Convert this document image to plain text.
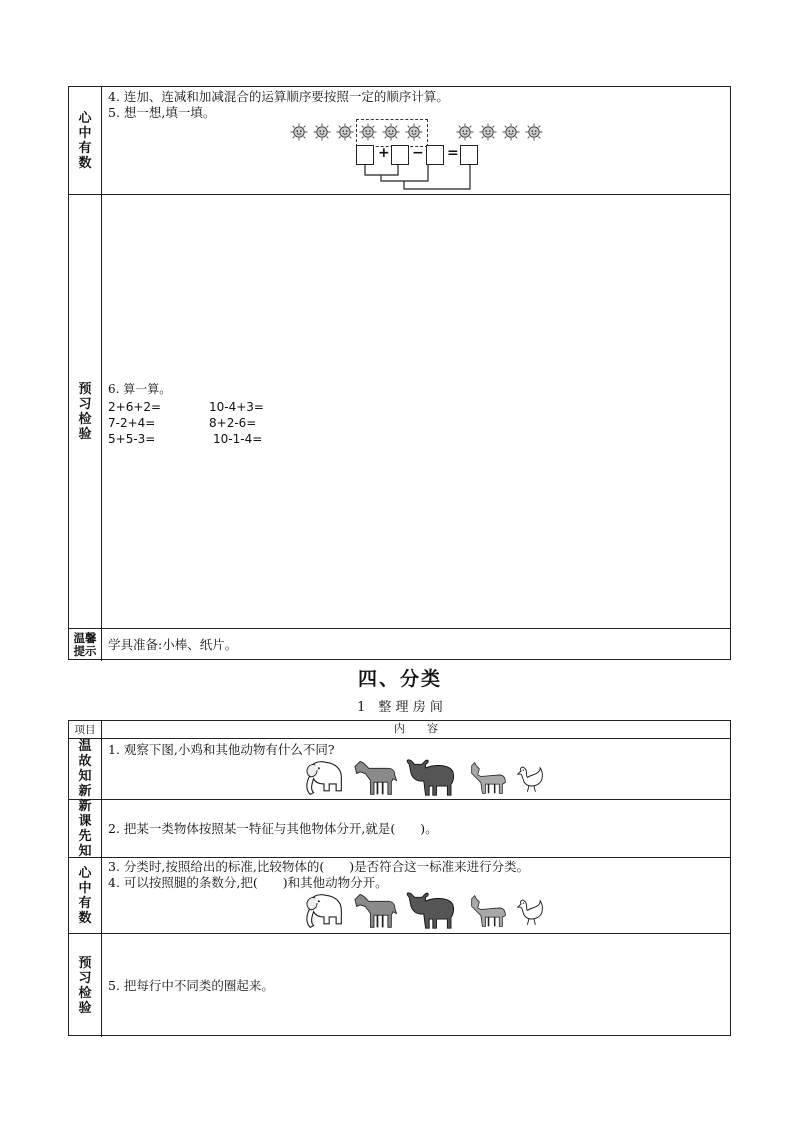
心中有数
4. 连加、连减和加减混合的运算顺序要按照一定的顺序计算。
5. 想一想,填一填。
+ − =
预习检验
6. 算一算。
2+6+2=
7-2+4=
5+5-3=
10-4+3=
8+2-6=
10-1-4=
温馨提示 学具准备:小棒、纸片。
四、分类
1　整 理 房 间
项目	内　　容
温故知新
1. 观察下图,小鸡和其他动物有什么不同?
新课先知
2. 把某一类物体按照某一特征与其他物体分开,就是(　　)。
心中有数
3. 分类时,按照给出的标准,比较物体的(　　)是否符合这一标准来进行分类。
4. 可以按照腿的条数分,把(　　)和其他动物分开。
预习检验
5. 把每行中不同类的圈起来。
